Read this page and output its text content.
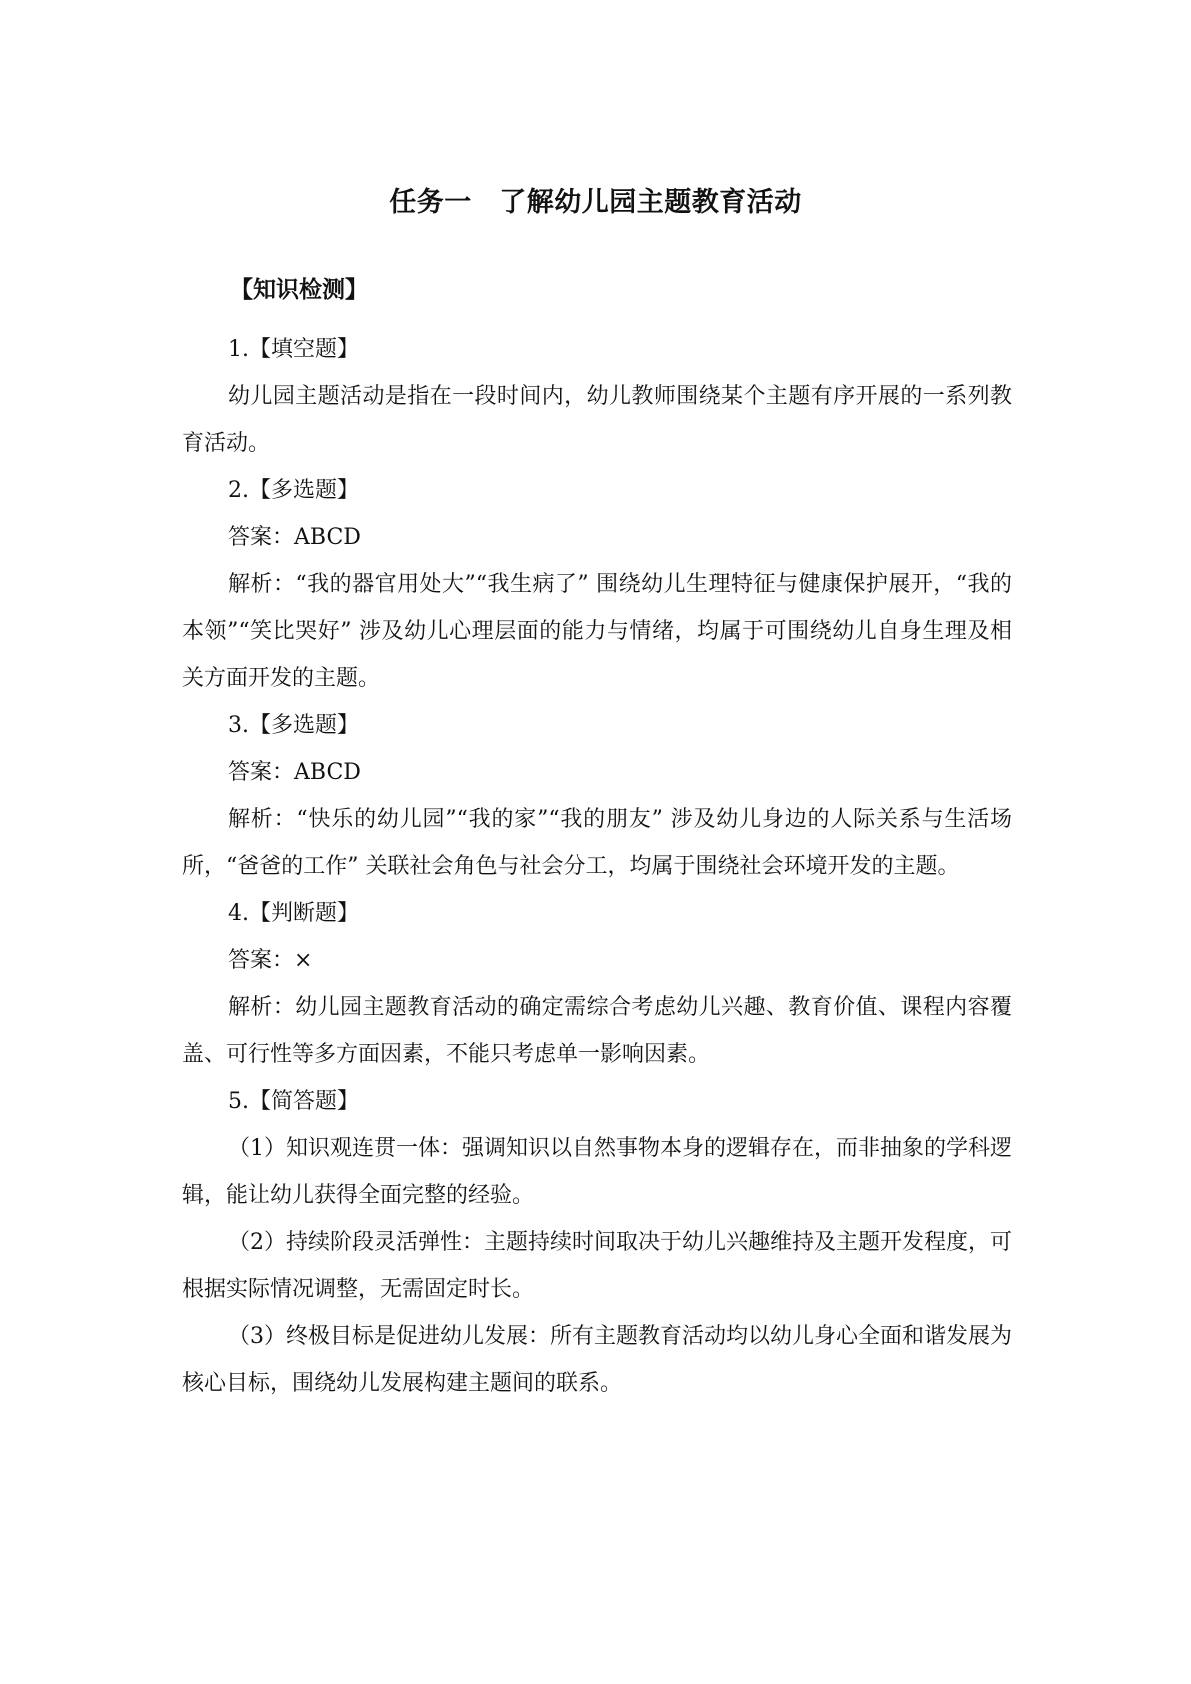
任务一　了解幼儿园主题教育活动
【知识检测】

1.【填空题】

幼儿园主题活动是指在一段时间内，幼儿教师围绕某个主题有序开展的一系列教育活动。

2.【多选题】

答案：ABCD

解析：“我的器官用处大”“我生病了” 围绕幼儿生理特征与健康保护展开，“我的本领”“笑比哭好” 涉及幼儿心理层面的能力与情绪，均属于可围绕幼儿自身生理及相关方面开发的主题。

3.【多选题】

答案：ABCD

解析：“快乐的幼儿园”“我的家”“我的朋友” 涉及幼儿身边的人际关系与生活场所，“爸爸的工作” 关联社会角色与社会分工，均属于围绕社会环境开发的主题。

4.【判断题】

答案：×

解析：幼儿园主题教育活动的确定需综合考虑幼儿兴趣、教育价值、课程内容覆盖、可行性等多方面因素，不能只考虑单一影响因素。

5.【简答题】

（1）知识观连贯一体：强调知识以自然事物本身的逻辑存在，而非抽象的学科逻辑，能让幼儿获得全面完整的经验。

（2）持续阶段灵活弹性：主题持续时间取决于幼儿兴趣维持及主题开发程度，可根据实际情况调整，无需固定时长。

（3）终极目标是促进幼儿发展：所有主题教育活动均以幼儿身心全面和谐发展为核心目标，围绕幼儿发展构建主题间的联系。
